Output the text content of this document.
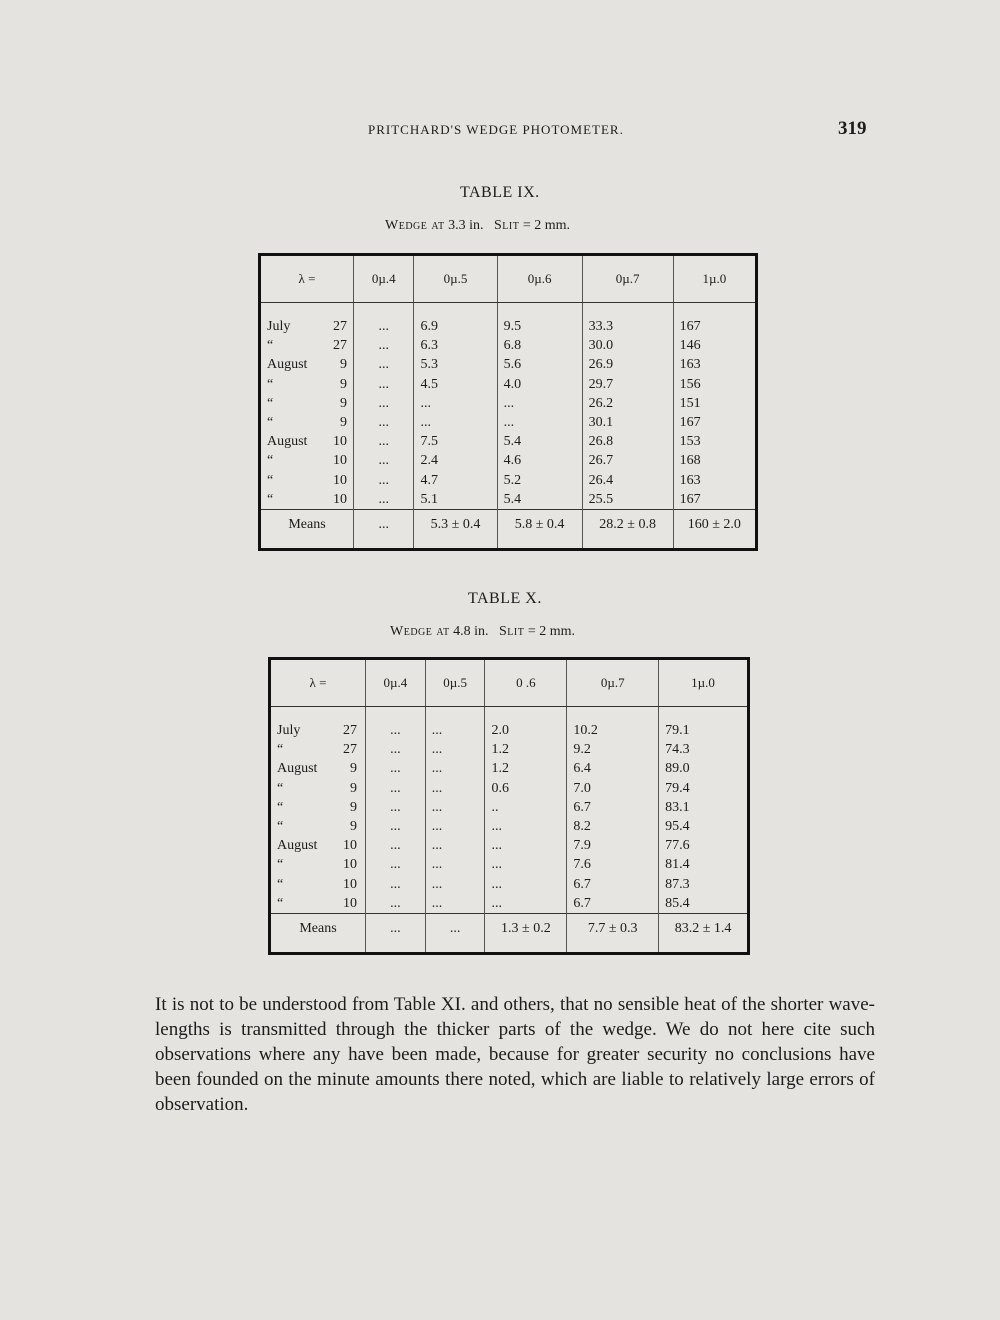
PRITCHARD'S WEDGE PHOTOMETER.	319
TABLE IX.
Wedge at 3.3 in. Slit = 2 mm.
λ =	0µ.4	0µ.5	0µ.6	0µ.7	1µ.0

July 27	...	6.9	9.5	33.3	167
“ 27	...	6.3	6.8	30.0	146
August 9	...	5.3	5.6	26.9	163
“ 9	...	4.5	4.0	29.7	156
“ 9	...	...	...	26.2	151
“ 9	...	...	...	30.1	167
August 10	...	7.5	5.4	26.8	153
“ 10	...	2.4	4.6	26.7	168
“ 10	...	4.7	5.2	26.4	163
“ 10	...	5.1	5.4	25.5	167
Means	...	5.3 ± 0.4	5.8 ± 0.4	28.2 ± 0.8	160 ± 2.0

TABLE X.
Wedge at 4.8 in. Slit = 2 mm.
λ =	0µ.4	0µ.5	0 .6	0µ.7	1µ.0

July 27	...	...	2.0	10.2	79.1
“ 27	...	...	1.2	9.2	74.3
August 9	...	...	1.2	6.4	89.0
“ 9	...	...	0.6	7.0	79.4
“ 9	...	...	..	6.7	83.1
“ 9	...	...	...	8.2	95.4
August 10	...	...	...	7.9	77.6
“ 10	...	...	...	7.6	81.4
“ 10	...	...	...	6.7	87.3
“ 10	...	...	...	6.7	85.4
Means	...	...	1.3 ± 0.2	7.7 ± 0.3	83.2 ± 1.4

It is not to be understood from Table XI. and others, that no sensible heat of the shorter wave-lengths is transmitted through the thicker parts of the wedge. We do not here cite such observations where any have been made, because for greater security no conclusions have been founded on the minute amounts there noted, which are liable to relatively large errors of observation.
